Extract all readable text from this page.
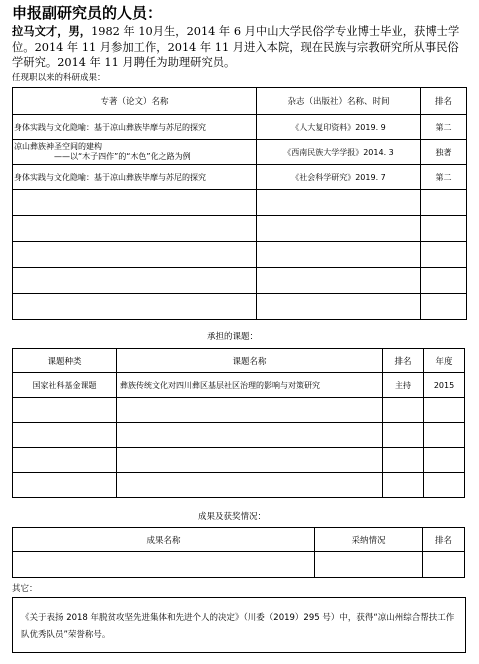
申报副研究员的人员：

拉马文才，男，1982 年 10月生，2014 年 6 月中山大学民俗学专业博士毕业，获博士学位。2014 年 11 月参加工作，2014 年 11 月进入本院，现在民族与宗教研究所从事民俗学研究。2014 年 11 月聘任为助理研究员。

任现职以来的科研成果：
专著（论文）名称	杂志（出版社）名称、时间	排名

身体实践与文化隐喻：基于凉山彝族毕摩与苏尼的探究	《人大复印资料》2019. 9	第二

凉山彝族神圣空间的建构
——以“木子四作”的“木色”化之路为例	《西南民族大学学报》2014. 3	独著

身体实践与文化隐喻：基于凉山彝族毕摩与苏尼的探究	《社会科学研究》2019. 7	第二

承担的课题：
课题种类	课题名称	排名	年度
国家社科基金课题	彝族传统文化对四川彝区基层社区治理的影响与对策研究	主持	2015

成果及获奖情况：
成果名称	采纳情况	排名

其它：
《关于表扬 2018 年脱贫攻坚先进集体和先进个人的决定》（川委（2019）295 号）中，获得“凉山州综合帮扶工作队优秀队员”荣誉称号。
